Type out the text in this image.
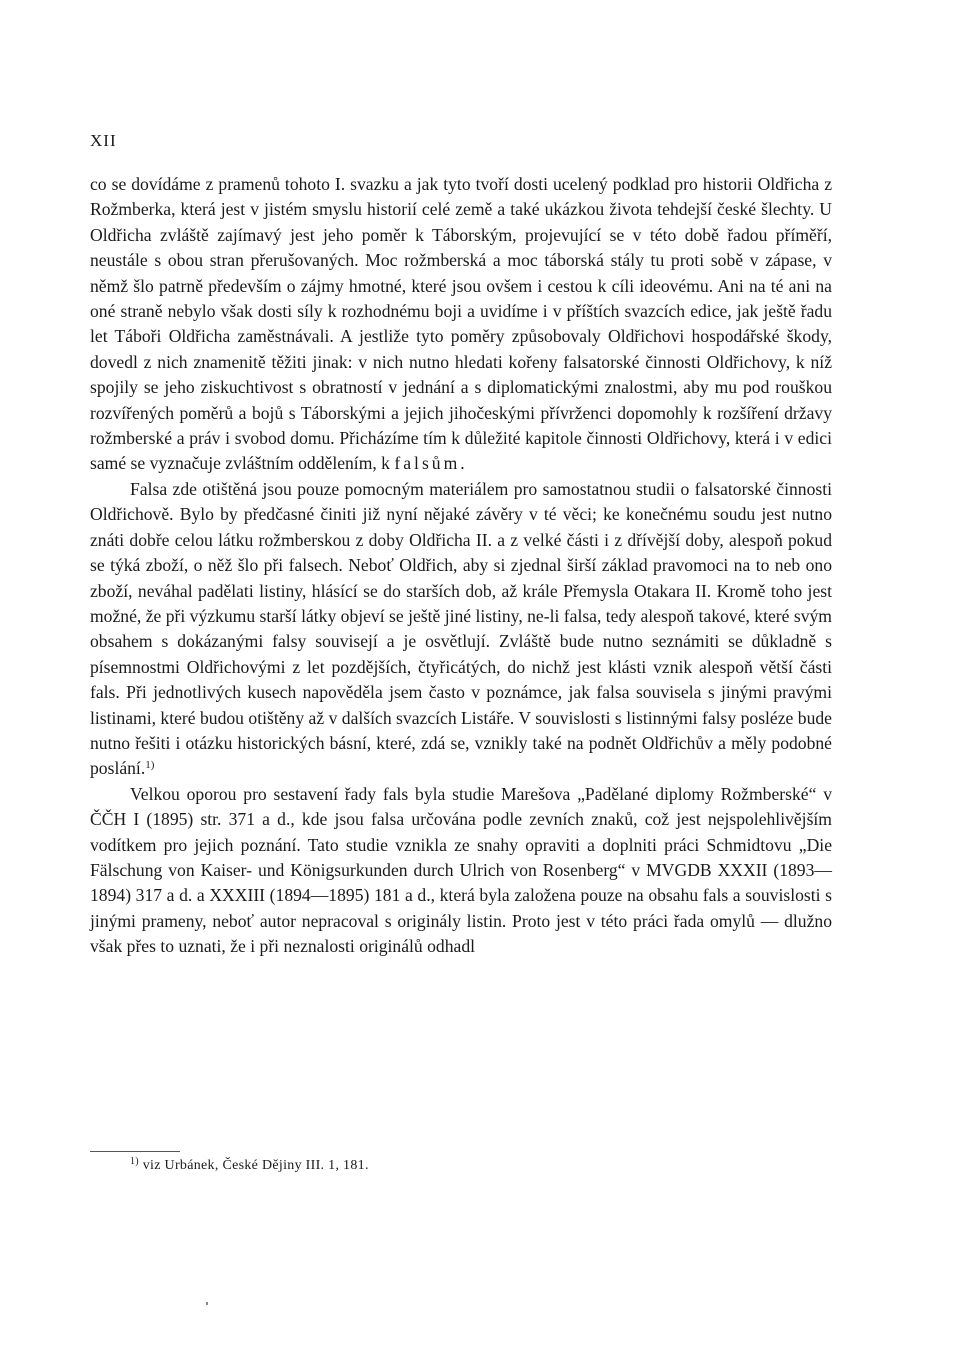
XII

co se dovídáme z pramenů tohoto I. svazku a jak tyto tvoří dosti ucelený podklad pro historii Oldřicha z Rožmberka, která jest v jistém smyslu historií celé země a také ukázkou života tehdejší české šlechty. U Oldřicha zvláště zajímavý jest jeho poměr k Táborským, projevující se v této době řadou příměří, neustále s obou stran přerušovaných. Moc rožmberská a moc táborská stály tu proti sobě v zápase, v němž šlo patrně především o zájmy hmotné, které jsou ovšem i cestou k cíli ideovému. Ani na té ani na oné straně nebylo však dosti síly k rozhodnému boji a uvidíme i v příštích svazcích edice, jak ještě řadu let Táboři Oldřicha zaměstnávali. A jestliže tyto poměry způsobovaly Oldřichovi hospodářské škody, dovedl z nich znamenitě těžiti jinak: v nich nutno hledati kořeny falsatorské činnosti Oldřichovy, k níž spojily se jeho ziskuchtivost s obratností v jednání a s diplomatickými znalostmi, aby mu pod rouškou rozvířených poměrů a bojů s Táborskými a jejich jihočeskými přívrženci dopomohly k rozšíření državy rožmberské a práv i svobod domu. Přicházíme tím k důležité kapitole činnosti Oldřichovy, která i v edici samé se vyznačuje zvláštním oddělením, k falsům.

Falsa zde otištěná jsou pouze pomocným materiálem pro samostatnou studii o falsatorské činnosti Oldřichově. Bylo by předčasné činiti již nyní nějaké závěry v té věci; ke konečnému soudu jest nutno znáti dobře celou látku rožmberskou z doby Oldřicha II. a z velké části i z dřívější doby, alespoň pokud se týká zboží, o něž šlo při falsech. Neboť Oldřich, aby si zjednal širší základ pravomoci na to neb ono zboží, neváhal padělati listiny, hlásící se do starších dob, až krále Přemysla Otakara II. Kromě toho jest možné, že při výzkumu starší látky objeví se ještě jiné listiny, ne-li falsa, tedy alespoň takové, které svým obsahem s dokázanými falsy souvisejí a je osvětlují. Zvláště bude nutno seznámiti se důkladně s písemnostmi Oldřichovými z let pozdějších, čtyřicátých, do nichž jest klásti vznik alespoň větší části fals. Při jednotlivých kusech napověděla jsem často v poznámce, jak falsa souvisela s jinými pravými listinami, které budou otištěny až v dalších svazcích Listáře. V souvislosti s listinnými falsy posléze bude nutno řešiti i otázku historických básní, které, zdá se, vznikly také na podnět Oldřichův a měly podobné poslání.$^{1)}$

Velkou oporou pro sestavení řady fals byla studie Marešova „Padělané diplomy Rožmberské“ v ČČH I (1895) str. 371 a d., kde jsou falsa určována podle zevních znaků, což jest nejspolehlivějším vodítkem pro jejich poznání. Tato studie vznikla ze snahy opraviti a doplniti práci Schmidtovu „Die Fälschung von Kaiser- und Königsurkunden durch Ulrich von Rosenberg“ v MVGDB XXXII (1893—1894) 317 a d. a XXXIII (1894—1895) 181 a d., která byla založena pouze na obsahu fals a souvislosti s jinými prameny, neboť autor nepracoval s originály listin. Proto jest v této práci řada omylů — dlužno však přes to uznati, že i při neznalosti originálů odhadl

$^{1)}$ viz Urbánek, České Dějiny III. 1, 181.
